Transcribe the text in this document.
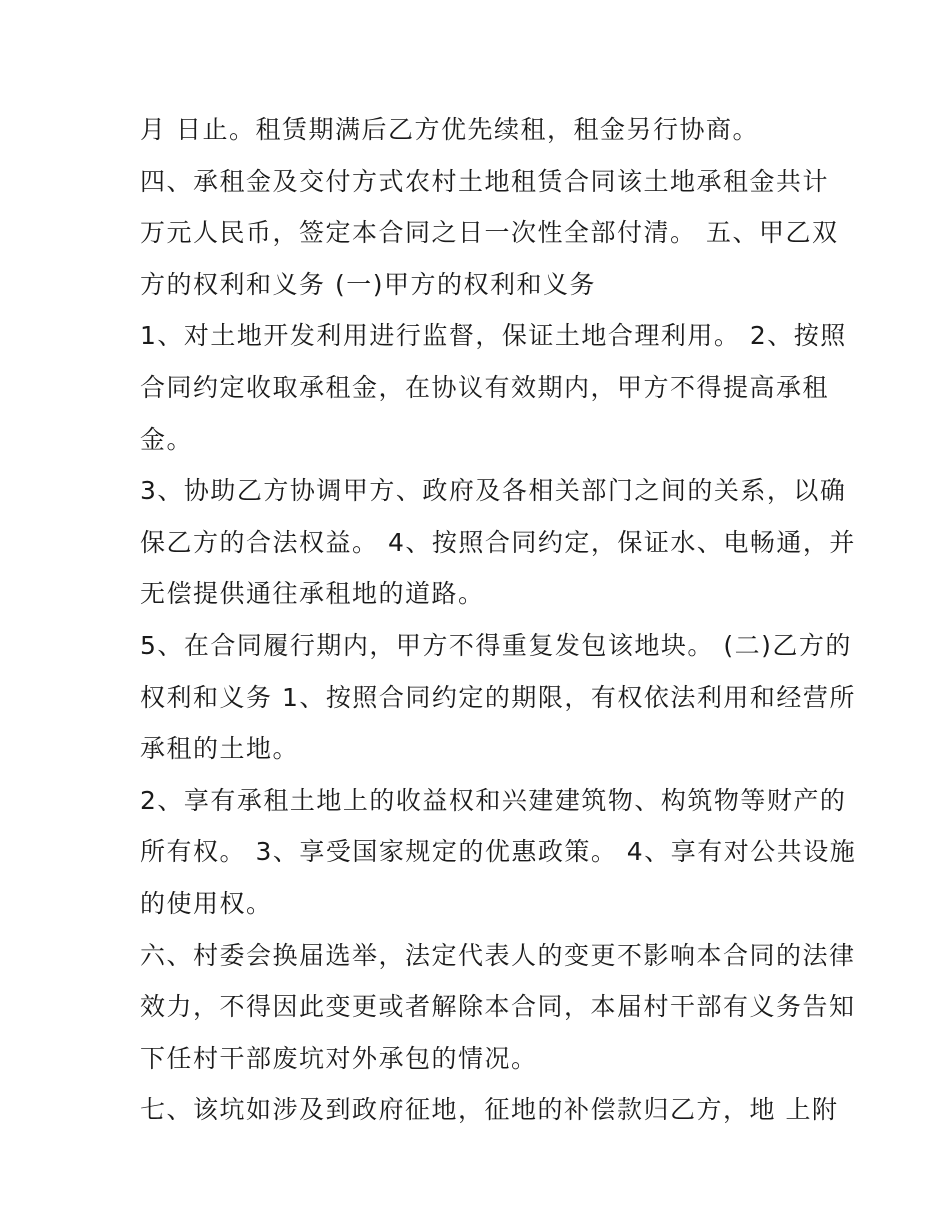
月 日止。租赁期满后乙方优先续租，租金另行协商。
四、承租金及交付方式农村土地租赁合同该土地承租金共计
万元人民币，签定本合同之日一次性全部付清。 五、甲乙双
方的权利和义务 (一)甲方的权利和义务
1、对土地开发利用进行监督，保证土地合理利用。 2、按照
合同约定收取承租金，在协议有效期内，甲方不得提高承租
金。
3、协助乙方协调甲方、政府及各相关部门之间的关系，以确
保乙方的合法权益。 4、按照合同约定，保证水、电畅通，并
无偿提供通往承租地的道路。
5、在合同履行期内，甲方不得重复发包该地块。 (二)乙方的
权利和义务 1、按照合同约定的期限，有权依法利用和经营所
承租的土地。
2、享有承租土地上的收益权和兴建建筑物、构筑物等财产的
所有权。 3、享受国家规定的优惠政策。 4、享有对公共设施
的使用权。
六、村委会换届选举，法定代表人的变更不影响本合同的法律
效力，不得因此变更或者解除本合同，本届村干部有义务告知
下任村干部废坑对外承包的情况。
七、该坑如涉及到政府征地，征地的补偿款归乙方，地 上附
